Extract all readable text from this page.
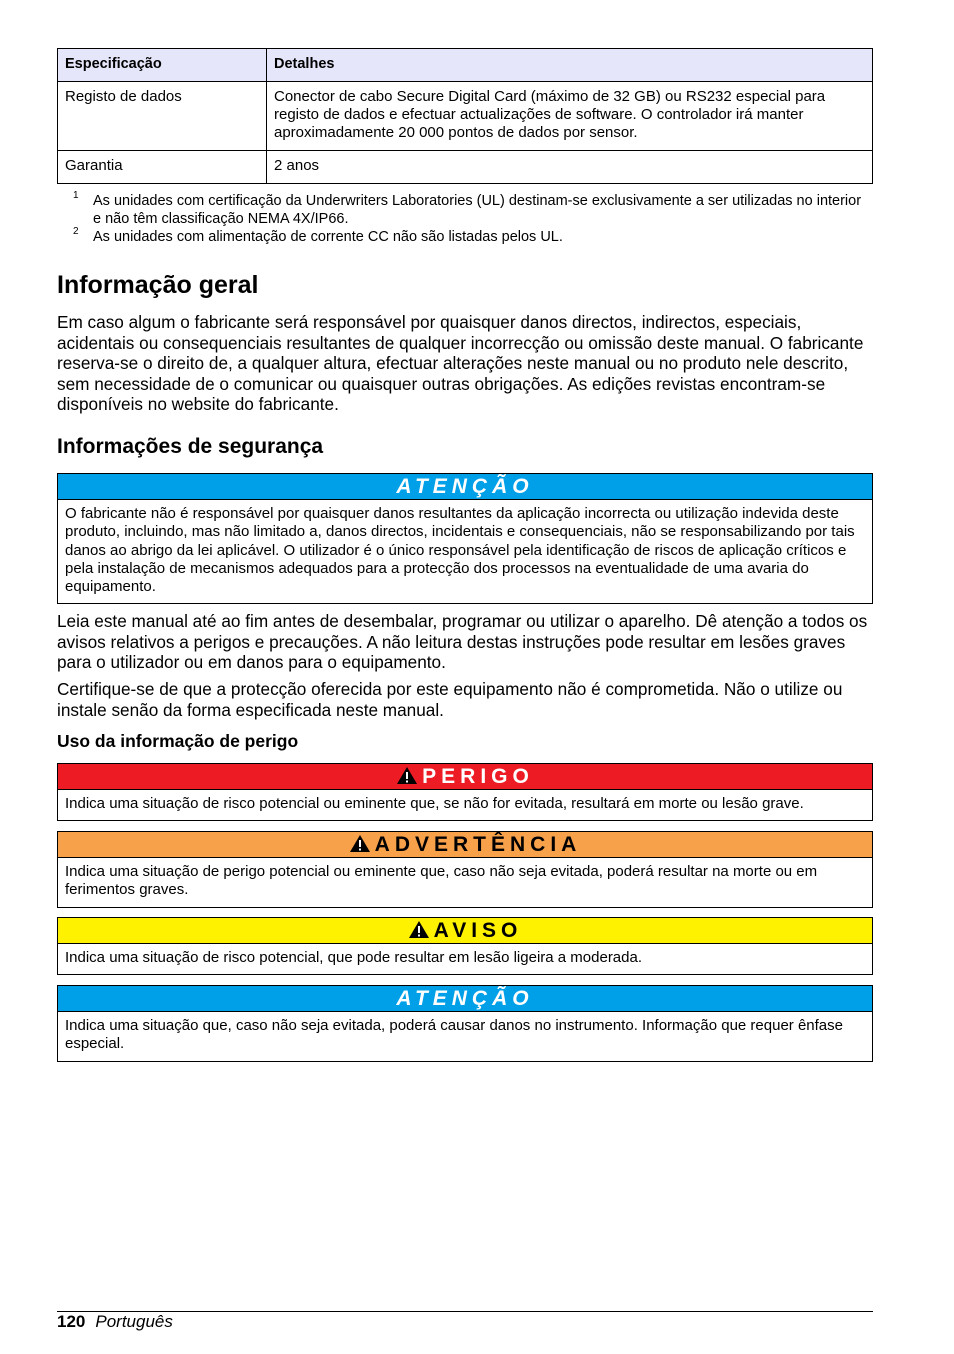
Especificação	Detalhes
Registo de dados	Conector de cabo Secure Digital Card (máximo de 32 GB) ou RS232 especial para registo de dados e efectuar actualizações de software. O controlador irá manter aproximadamente 20 000 pontos de dados por sensor.
Garantia	2 anos
1 As unidades com certificação da Underwriters Laboratories (UL) destinam-se exclusivamente a ser utilizadas no interior e não têm classificação NEMA 4X/IP66.
2 As unidades com alimentação de corrente CC não são listadas pelos UL.
Informação geral

Em caso algum o fabricante será responsável por quaisquer danos directos, indirectos, especiais, acidentais ou consequenciais resultantes de qualquer incorrecção ou omissão deste manual. O fabricante reserva-se o direito de, a qualquer altura, efectuar alterações neste manual ou no produto nele descrito, sem necessidade de o comunicar ou quaisquer outras obrigações. As edições revistas encontram-se disponíveis no website do fabricante.

Informações de segurança
ATENÇÃO
O fabricante não é responsável por quaisquer danos resultantes da aplicação incorrecta ou utilização indevida deste produto, incluindo, mas não limitado a, danos directos, incidentais e consequenciais, não se responsabilizando por tais danos ao abrigo da lei aplicável. O utilizador é o único responsável pela identificação de riscos de aplicação críticos e pela instalação de mecanismos adequados para a protecção dos processos na eventualidade de uma avaria do equipamento.

Leia este manual até ao fim antes de desembalar, programar ou utilizar o aparelho. Dê atenção a todos os avisos relativos a perigos e precauções. A não leitura destas instruções pode resultar em lesões graves para o utilizador ou em danos para o equipamento.

Certifique-se de que a protecção oferecida por este equipamento não é comprometida. Não o utilize ou instale senão da forma especificada neste manual.

Uso da informação de perigo
PERIGO
Indica uma situação de risco potencial ou eminente que, se não for evitada, resultará em morte ou lesão grave.
ADVERTÊNCIA
Indica uma situação de perigo potencial ou eminente que, caso não seja evitada, poderá resultar na morte ou em ferimentos graves.
AVISO
Indica uma situação de risco potencial, que pode resultar em lesão ligeira a moderada.
ATENÇÃO
Indica uma situação que, caso não seja evitada, poderá causar danos no instrumento. Informação que requer ênfase especial.
120 Português
